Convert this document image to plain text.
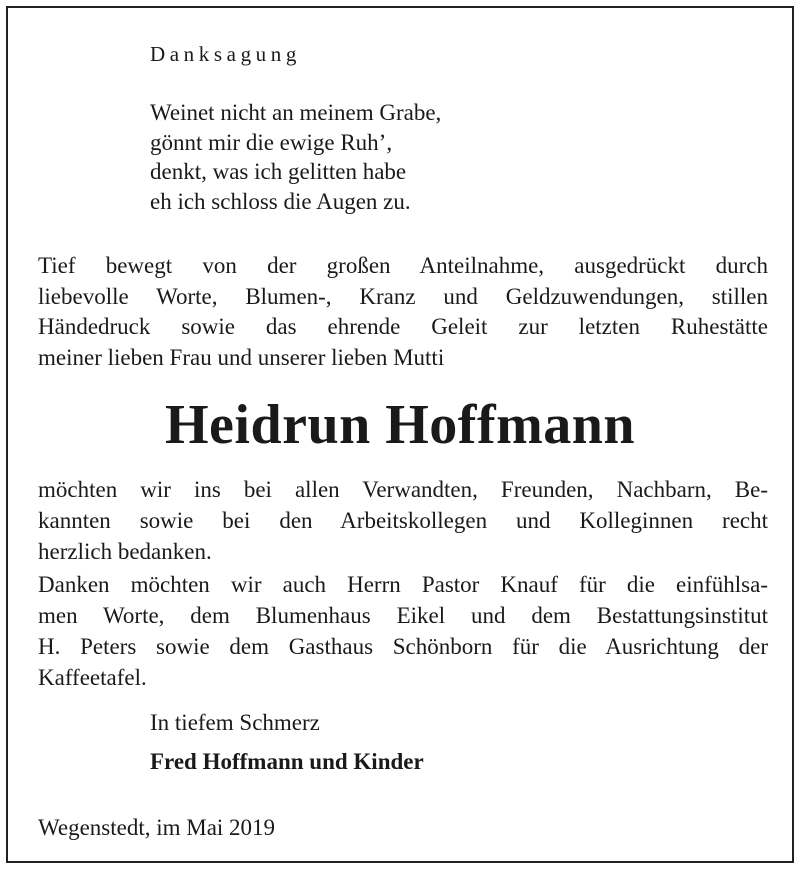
Danksagung
Weinet nicht an meinem Grabe,
gönnt mir die ewige Ruh’,
denkt, was ich gelitten habe
eh ich schloss die Augen zu.
Tief bewegt von der großen Anteilnahme, ausgedrückt durch
liebevolle Worte, Blumen-, Kranz und Geldzuwendungen, stillen
Händedruck sowie das ehrende Geleit zur letzten Ruhestätte
meiner lieben Frau und unserer lieben Mutti
Heidrun Hoffmann
möchten wir ins bei allen Verwandten, Freunden, Nachbarn, Be-
kannten sowie bei den Arbeitskollegen und Kolleginnen recht
herzlich bedanken.
Danken möchten wir auch Herrn Pastor Knauf für die einfühlsa-
men Worte, dem Blumenhaus Eikel und dem Bestattungsinstitut
H. Peters sowie dem Gasthaus Schönborn für die Ausrichtung der
Kaffeetafel.
In tiefem Schmerz
Fred Hoffmann und Kinder
Wegenstedt, im Mai 2019
